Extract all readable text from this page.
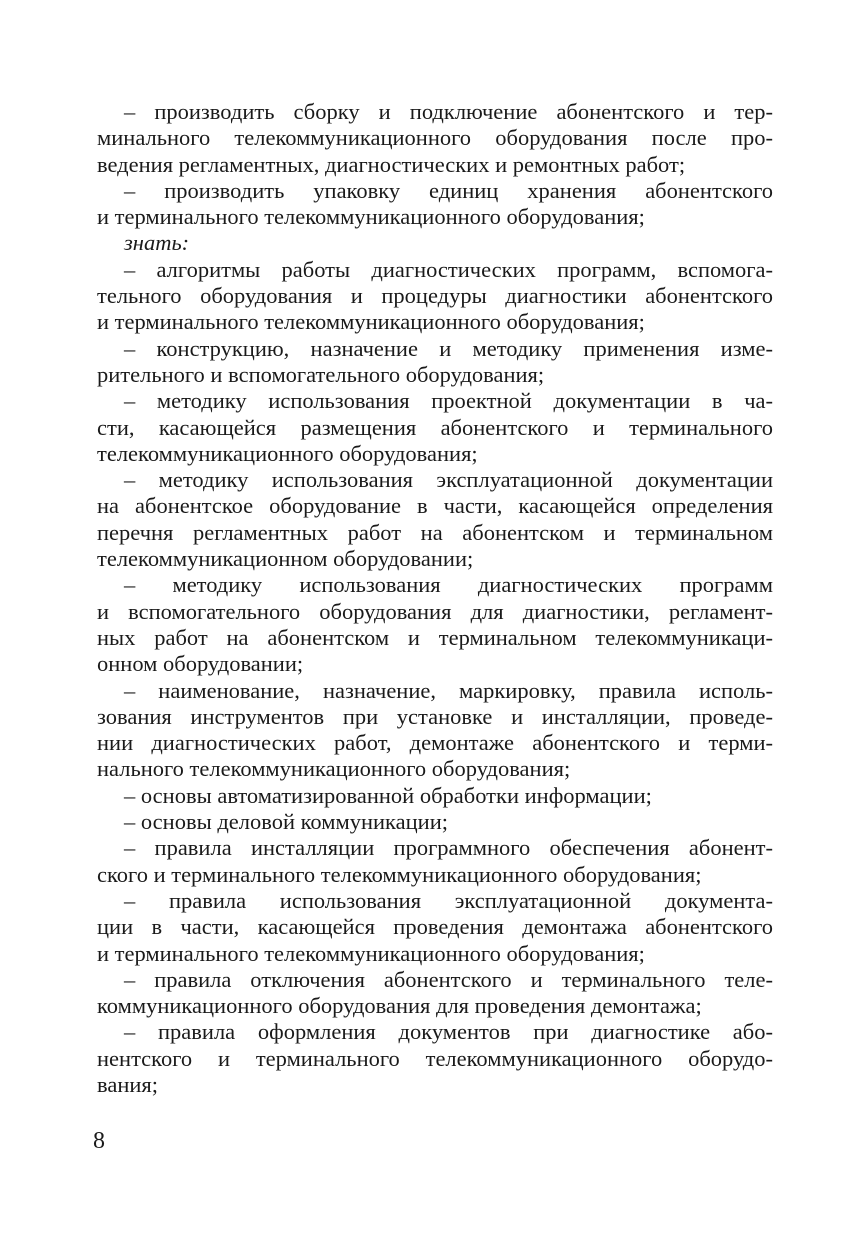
– производить сборку и подключение абонентского и тер-
минального телекоммуникационного оборудования после про-
ведения регламентных, диагностических и ремонтных работ;
– производить упаковку единиц хранения абонентского
и терминального телекоммуникационного оборудования;
знать:
– алгоритмы работы диагностических программ, вспомога-
тельного оборудования и процедуры диагностики абонентского
и терминального телекоммуникационного оборудования;
– конструкцию, назначение и методику применения изме-
рительного и вспомогательного оборудования;
– методику использования проектной документации в ча-
сти, касающейся размещения абонентского и терминального
телекоммуникационного оборудования;
– методику использования эксплуатационной документации
на абонентское оборудование в части, касающейся определения
перечня регламентных работ на абонентском и терминальном
телекоммуникационном оборудовании;
– методику использования диагностических программ
и вспомогательного оборудования для диагностики, регламент-
ных работ на абонентском и терминальном телекоммуникаци-
онном оборудовании;
– наименование, назначение, маркировку, правила исполь-
зования инструментов при установке и инсталляции, проведе-
нии диагностических работ, демонтаже абонентского и терми-
нального телекоммуникационного оборудования;
– основы автоматизированной обработки информации;
– основы деловой коммуникации;
– правила инсталляции программного обеспечения абонент-
ского и терминального телекоммуникационного оборудования;
– правила использования эксплуатационной документа-
ции в части, касающейся проведения демонтажа абонентского
и терминального телекоммуникационного оборудования;
– правила отключения абонентского и терминального теле-
коммуникационного оборудования для проведения демонтажа;
– правила оформления документов при диагностике або-
нентского и терминального телекоммуникационного оборудо-
вания;
8
